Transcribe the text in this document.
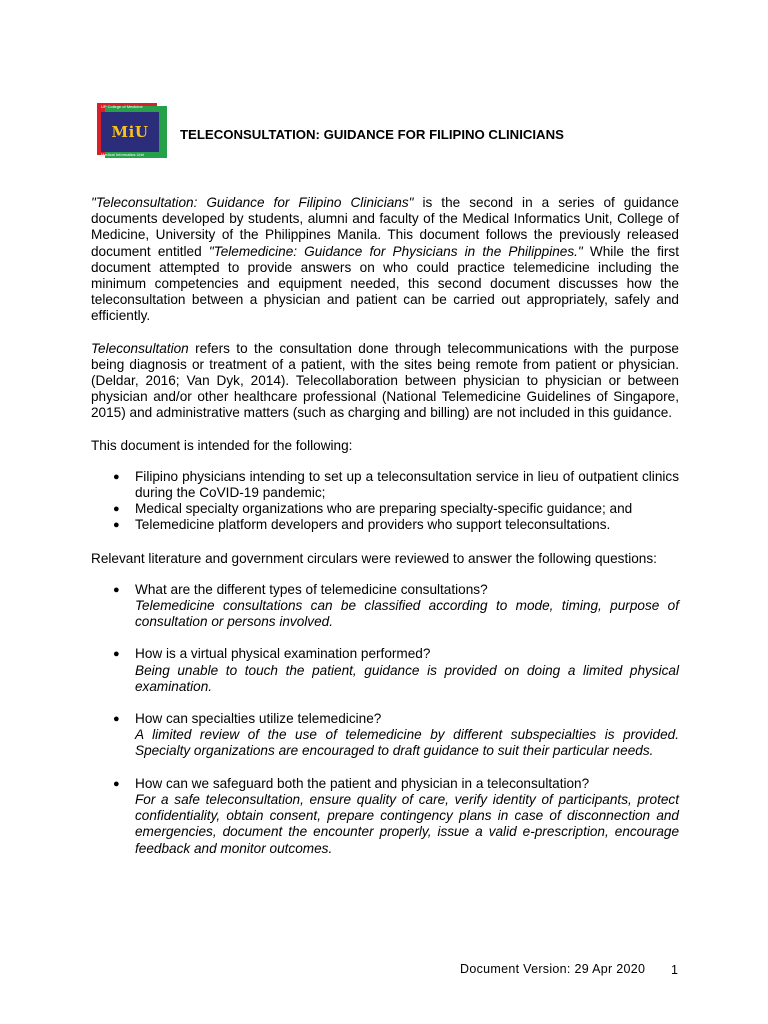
MiU
UP College of Medicine
Medical Informatics Unit
TELECONSULTATION: GUIDANCE FOR FILIPINO CLINICIANS

"Teleconsultation: Guidance for Filipino Clinicians" is the second in a series of guidance documents developed by students, alumni and faculty of the Medical Informatics Unit, College of Medicine, University of the Philippines Manila. This document follows the previously released document entitled "Telemedicine: Guidance for Physicians in the Philippines." While the first document attempted to provide answers on who could practice telemedicine including the minimum competencies and equipment needed, this second document discusses how the teleconsultation between a physician and patient can be carried out appropriately, safely and efficiently.

Teleconsultation refers to the consultation done through telecommunications with the purpose being diagnosis or treatment of a patient, with the sites being remote from patient or physician. (Deldar, 2016; Van Dyk, 2014). Telecollaboration between physician to physician or between physician and/or other healthcare professional (National Telemedicine Guidelines of Singapore, 2015) and administrative matters (such as charging and billing) are not included in this guidance.

This document is intended for the following:

● Filipino physicians intending to set up a teleconsultation service in lieu of outpatient clinics during the CoVID-19 pandemic;
● Medical specialty organizations who are preparing specialty-specific guidance; and
● Telemedicine platform developers and providers who support teleconsultations.

Relevant literature and government circulars were reviewed to answer the following questions:

● What are the different types of telemedicine consultations?
Telemedicine consultations can be classified according to mode, timing, purpose of consultation or persons involved.
● How is a virtual physical examination performed?
Being unable to touch the patient, guidance is provided on doing a limited physical examination.
● How can specialties utilize telemedicine?
A limited review of the use of telemedicine by different subspecialties is provided. Specialty organizations are encouraged to draft guidance to suit their particular needs.
● How can we safeguard both the patient and physician in a teleconsultation?
For a safe teleconsultation, ensure quality of care, verify identity of participants, protect confidentiality, obtain consent, prepare contingency plans in case of disconnection and emergencies, document the encounter properly, issue a valid e-prescription, encourage feedback and monitor outcomes.
Document Version: 29 Apr 2020 1
